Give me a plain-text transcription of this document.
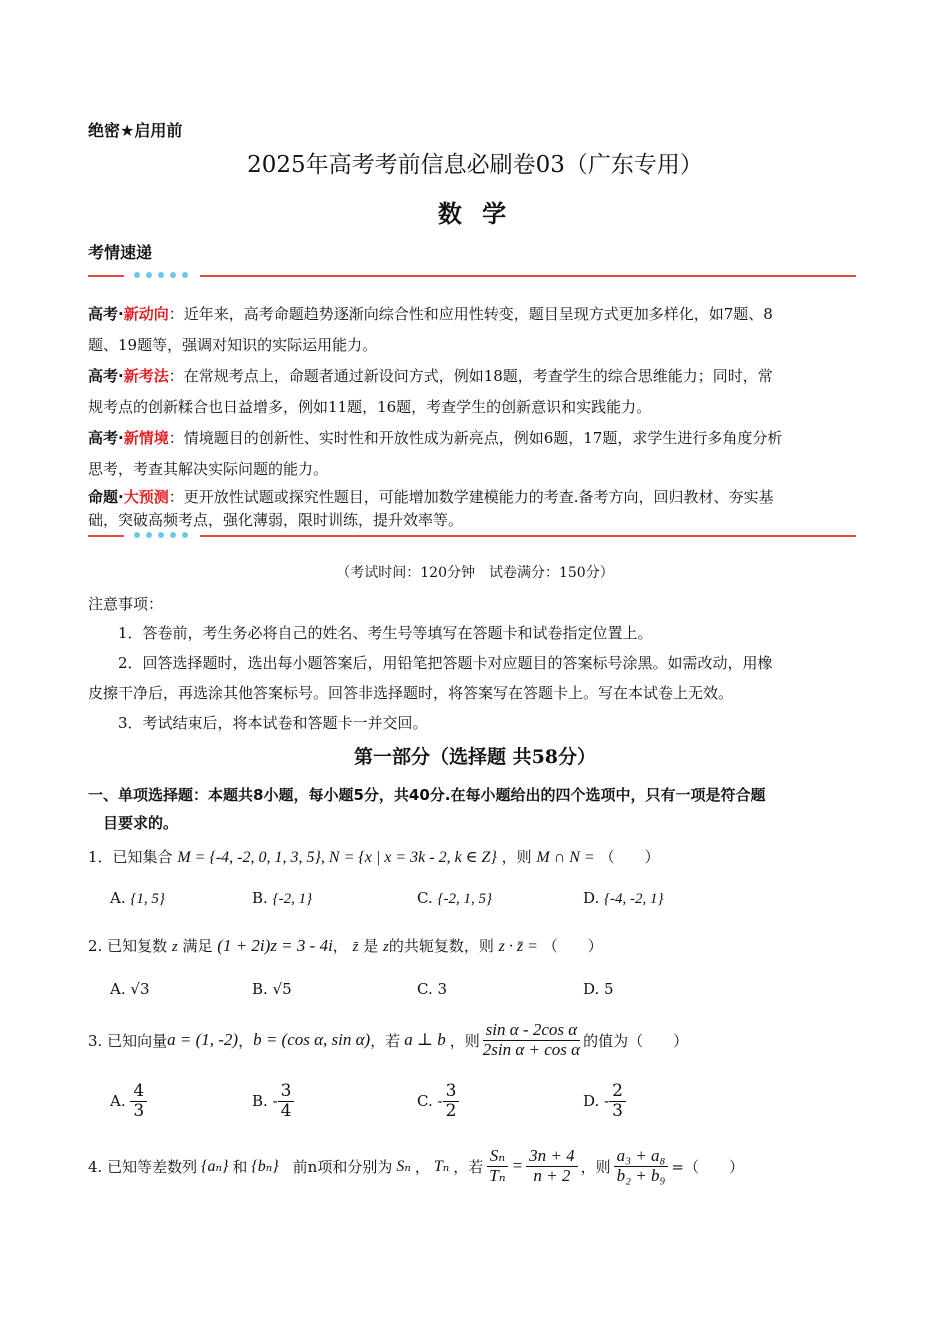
绝密★启用前
2025年高考考前信息必刷卷03（广东专用）
数 学
考情速递
高考·新动向：近年来，高考命题趋势逐渐向综合性和应用性转变，题目呈现方式更加多样化，如7题、8
题、19题等，强调对知识的实际运用能力。
高考·新考法：在常规考点上，命题者通过新设问方式，例如18题，考查学生的综合思维能力；同时，常
规考点的创新糅合也日益增多，例如11题，16题，考查学生的创新意识和实践能力。
高考·新情境：情境题目的创新性、实时性和开放性成为新亮点，例如6题，17题，求学生进行多角度分析
思考，考查其解决实际问题的能力。
命题·大预测：更开放性试题或探究性题目，可能增加数学建模能力的考查.备考方向，回归教材、夯实基
础，突破高频考点，强化薄弱，限时训练，提升效率等。
（考试时间：120分钟　试卷满分：150分）
注意事项：
1．答卷前，考生务必将自己的姓名、考生号等填写在答题卡和试卷指定位置上。
2．回答选择题时，选出每小题答案后，用铅笔把答题卡对应题目的答案标号涂黑。如需改动，用橡
皮擦干净后，再选涂其他答案标号。回答非选择题时，将答案写在答题卡上。写在本试卷上无效。
3．考试结束后，将本试卷和答题卡一并交回。
第一部分（选择题 共58分）
一、单项选择题：本题共8小题，每小题5分，共40分.在每小题给出的四个选项中，只有一项是符合题
目要求的。
1．已知集合 M = {-4, -2, 0, 1, 3, 5}, N = {x | x = 3k - 2, k ∈ Z} ，则 M ∩ N = （　　）
A. {1, 5}	B. {-2, 1}	C. {-2, 1, 5}	D. {-4, -2, 1}
2. 已知复数 z 满足 (1 + 2i)z = 3 - 4i， z̄ 是 z的共轭复数，则 z · z̄ = （　　）
A. √3	B. √5	C. 3	D. 5
3. 已知向量 a = (1, -2) ， b = (cos α, sin α) ，若 a ⊥ b ，则 $\frac{\text{sin α - 2cos α}}{\text{2sin α + cos α}}$ 的值为（　　）
A.
$\frac{4}{3}$	B.
- $\frac{3}{4}$	C.
- $\frac{3}{2}$	D.
- $\frac{2}{3}$
4. 已知等差数列 {aₙ} 和 {bₙ} 前n项和分别为 Sₙ ， Tₙ ，若 $\frac{\text{Sₙ}}{\text{Tₙ}} = \frac{3n + 4}{n + 2}$ ，则 $\frac{\text{a₃ + a₈}}{\text{b₂ + b₉}}$ =（　　）
